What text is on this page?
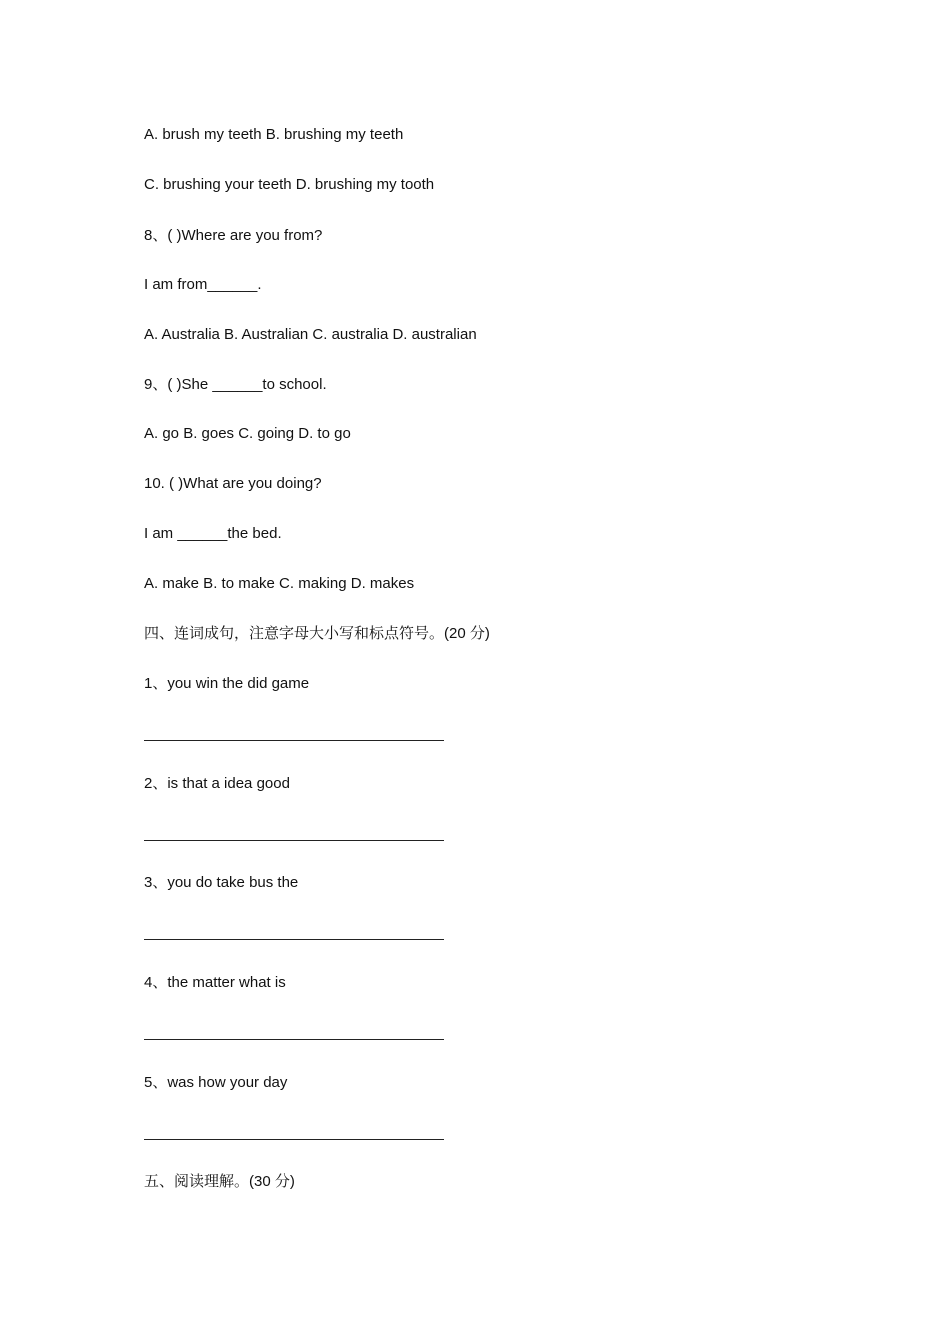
A. brush my teeth B. brushing my teeth
C. brushing your teeth D. brushing my tooth
8、( )Where are you from?
I am from______.
A. Australia B. Australian C. australia D. australian
9、( )She ______to school.
A. go B. goes C. going D. to go
10. ( )What are you doing?
I am ______the bed.
A. make B. to make C. making D. makes
四、连词成句，注意字母大小写和标点符号。(20 分)
1、you win the did game
2、is that a idea good
3、you do take bus the
4、the matter what is
5、was how your day
五、阅读理解。(30 分)
